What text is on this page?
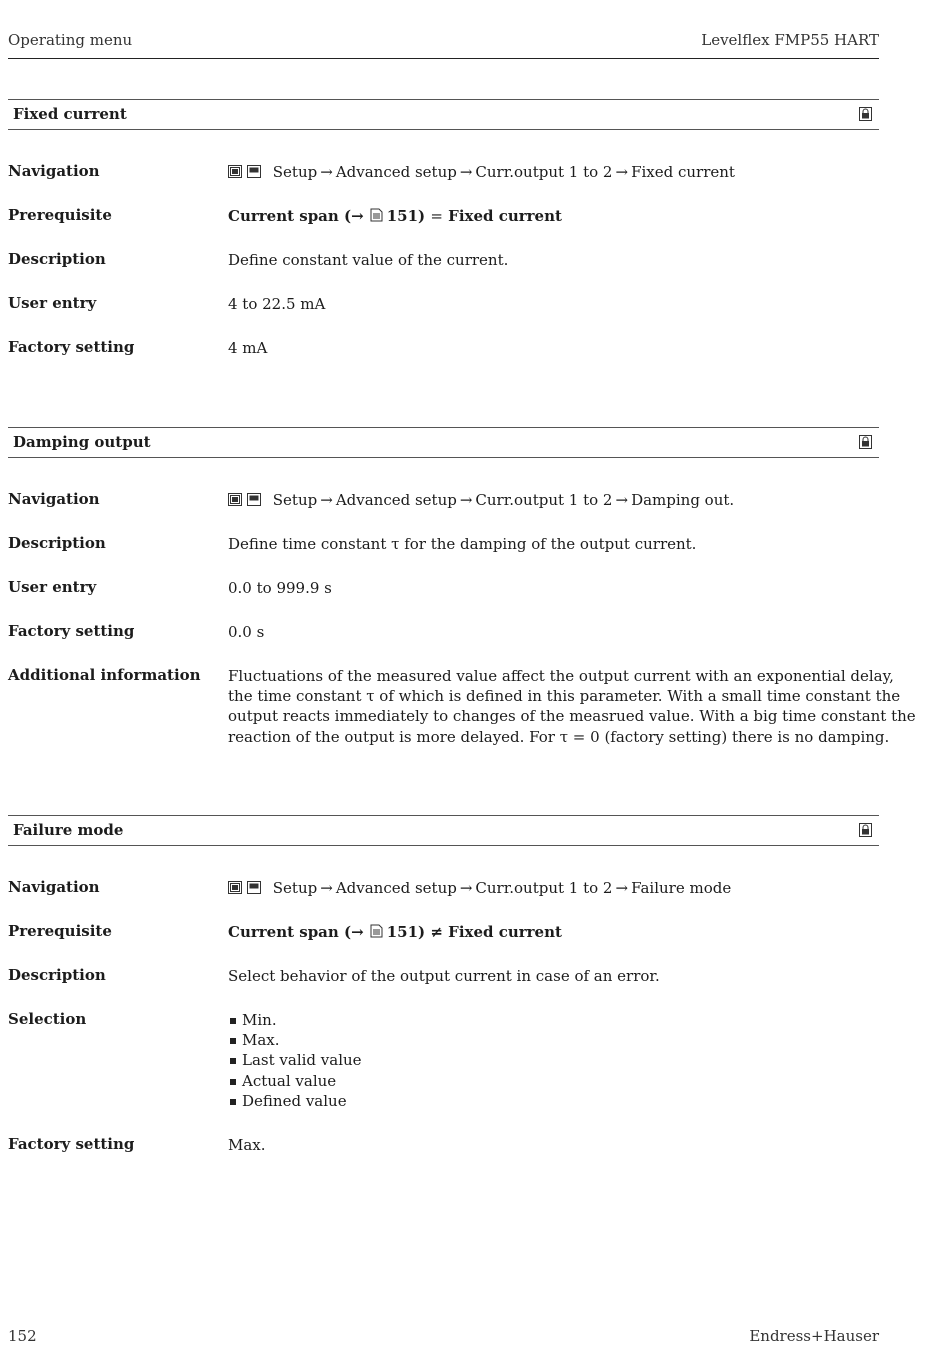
Operating menu	Levelflex FMP55 HART
Fixed current
Navigation	Setup → Advanced setup → Curr.output 1 to 2 → Fixed current
Prerequisite	Current span (→ 151) = Fixed current
Description	Define constant value of the current.
User entry	4 to 22.5 mA
Factory setting	4 mA
Damping output
Navigation	Setup → Advanced setup → Curr.output 1 to 2 → Damping out.
Description	Define time constant τ for the damping of the output current.
User entry	0.0 to 999.9 s
Factory setting	0.0 s
Additional information Fluctuations of the measured value affect the output current with an exponential delay,
the time constant τ of which is defined in this parameter. With a small time constant the
output reacts immediately to changes of the measrued value. With a big time constant the
reaction of the output is more delayed. For τ = 0 (factory setting) there is no damping.
Failure mode
Navigation	Setup → Advanced setup → Curr.output 1 to 2 → Failure mode
Prerequisite	Current span (→ 151) ≠ Fixed current
Description	Select behavior of the output current in case of an error.
Selection	Min.
Max.
Last valid value
Actual value
Defined value
Factory setting	Max.
152	Endress+Hauser
